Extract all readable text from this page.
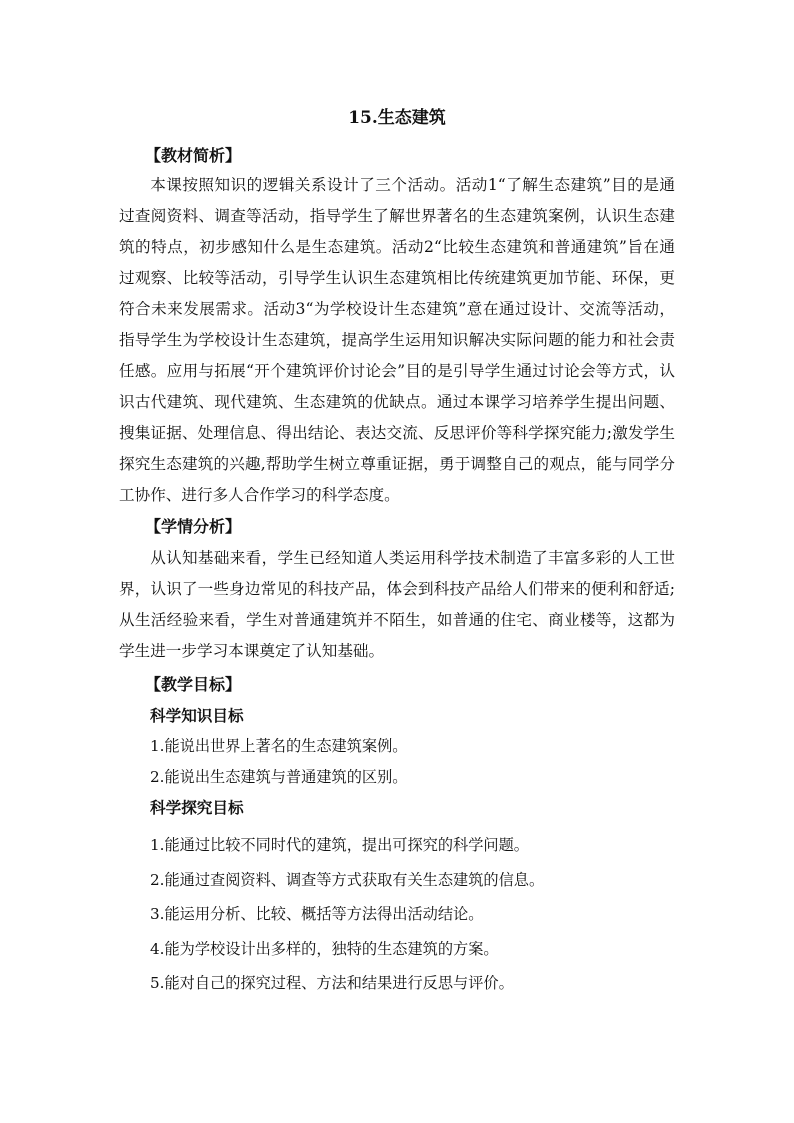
15.生态建筑
【教材简析】
本课按照知识的逻辑关系设计了三个活动。活动1“了解生态建筑”目的是通过查阅资料、调查等活动，指导学生了解世界著名的生态建筑案例，认识生态建筑的特点，初步感知什么是生态建筑。活动2“比较生态建筑和普通建筑”旨在通过观察、比较等活动，引导学生认识生态建筑相比传统建筑更加节能、环保，更符合未来发展需求。活动3“为学校设计生态建筑”意在通过设计、交流等活动，指导学生为学校设计生态建筑，提高学生运用知识解决实际问题的能力和社会责任感。应用与拓展“开个建筑评价讨论会”目的是引导学生通过讨论会等方式，认识古代建筑、现代建筑、生态建筑的优缺点。通过本课学习培养学生提出问题、搜集证据、处理信息、得出结论、表达交流、反思评价等科学探究能力;激发学生探究生态建筑的兴趣,帮助学生树立尊重证据，勇于调整自己的观点，能与同学分工协作、进行多人合作学习的科学态度。
【学情分析】
从认知基础来看，学生已经知道人类运用科学技术制造了丰富多彩的人工世界，认识了一些身边常见的科技产品，体会到科技产品给人们带来的便利和舒适;从生活经验来看，学生对普通建筑并不陌生，如普通的住宅、商业楼等，这都为学生进一步学习本课奠定了认知基础。
【教学目标】
科学知识目标
1.能说出世界上著名的生态建筑案例。
2.能说出生态建筑与普通建筑的区别。
科学探究目标
1.能通过比较不同时代的建筑，提出可探究的科学问题。
2.能通过查阅资料、调查等方式获取有关生态建筑的信息。
3.能运用分析、比较、概括等方法得出活动结论。
4.能为学校设计出多样的，独特的生态建筑的方案。
5.能对自己的探究过程、方法和结果进行反思与评价。
